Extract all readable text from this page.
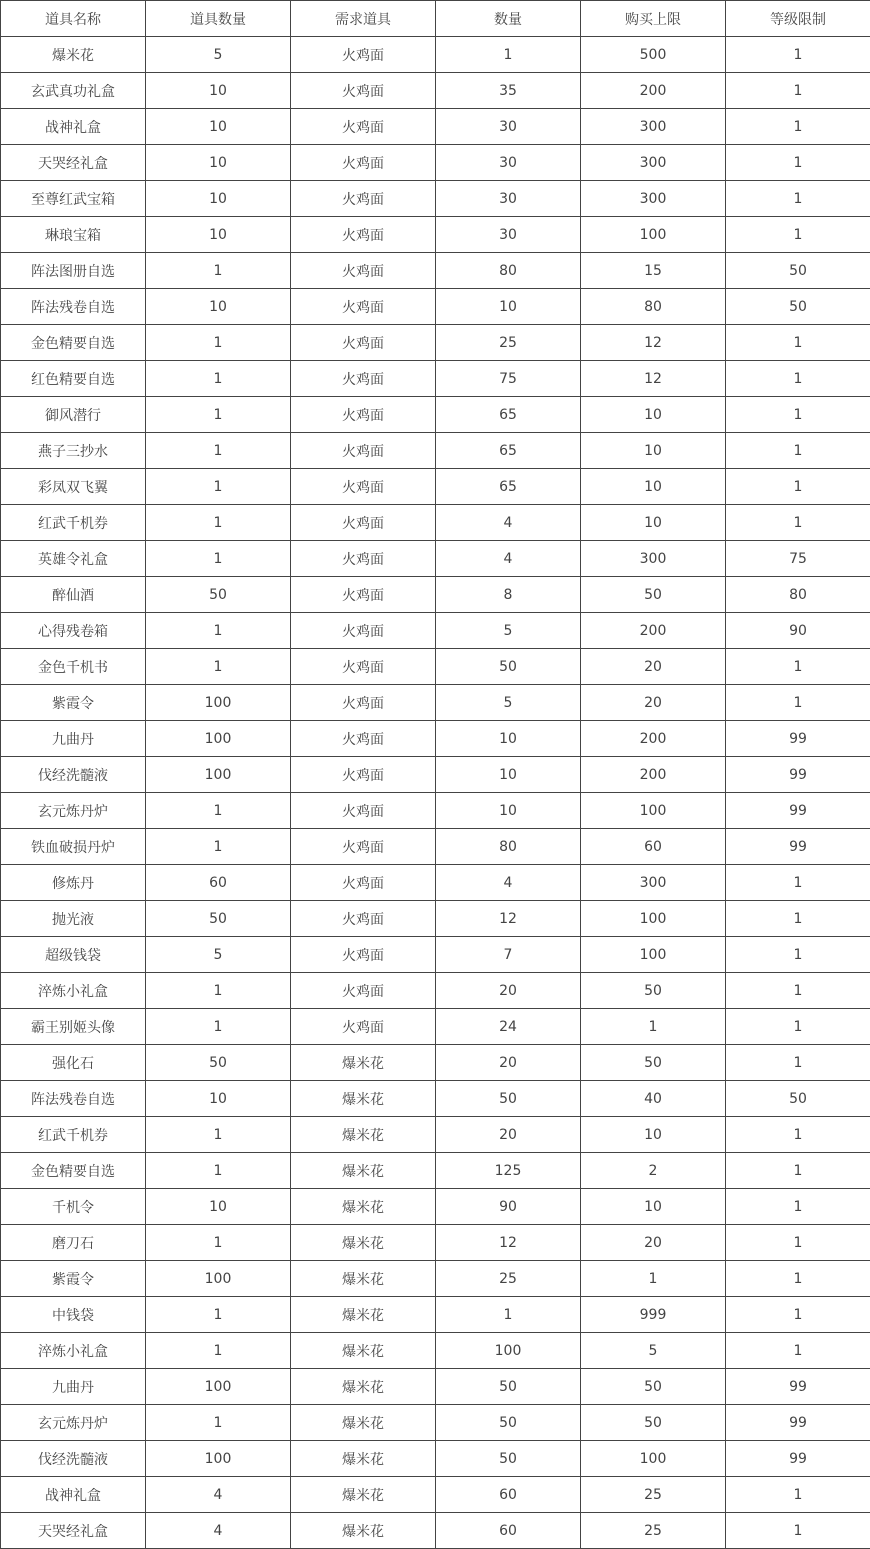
道具名称	道具数量	需求道具	数量	购买上限	等级限制
爆米花	5	火鸡面	1	500	1
玄武真功礼盒	10	火鸡面	35	200	1
战神礼盒	10	火鸡面	30	300	1
天哭经礼盒	10	火鸡面	30	300	1
至尊红武宝箱	10	火鸡面	30	300	1
琳琅宝箱	10	火鸡面	30	100	1
阵法图册自选	1	火鸡面	80	15	50
阵法残卷自选	10	火鸡面	10	80	50
金色精要自选	1	火鸡面	25	12	1
红色精要自选	1	火鸡面	75	12	1
御风潜行	1	火鸡面	65	10	1
燕子三抄水	1	火鸡面	65	10	1
彩凤双飞翼	1	火鸡面	65	10	1
红武千机券	1	火鸡面	4	10	1
英雄令礼盒	1	火鸡面	4	300	75
醉仙酒	50	火鸡面	8	50	80
心得残卷箱	1	火鸡面	5	200	90
金色千机书	1	火鸡面	50	20	1
紫霞令	100	火鸡面	5	20	1
九曲丹	100	火鸡面	10	200	99
伐经洗髓液	100	火鸡面	10	200	99
玄元炼丹炉	1	火鸡面	10	100	99
铁血破损丹炉	1	火鸡面	80	60	99
修炼丹	60	火鸡面	4	300	1
抛光液	50	火鸡面	12	100	1
超级钱袋	5	火鸡面	7	100	1
淬炼小礼盒	1	火鸡面	20	50	1
霸王别姬头像	1	火鸡面	24	1	1
强化石	50	爆米花	20	50	1
阵法残卷自选	10	爆米花	50	40	50
红武千机券	1	爆米花	20	10	1
金色精要自选	1	爆米花	125	2	1
千机令	10	爆米花	90	10	1
磨刀石	1	爆米花	12	20	1
紫霞令	100	爆米花	25	1	1
中钱袋	1	爆米花	1	999	1
淬炼小礼盒	1	爆米花	100	5	1
九曲丹	100	爆米花	50	50	99
玄元炼丹炉	1	爆米花	50	50	99
伐经洗髓液	100	爆米花	50	100	99
战神礼盒	4	爆米花	60	25	1
天哭经礼盒	4	爆米花	60	25	1
